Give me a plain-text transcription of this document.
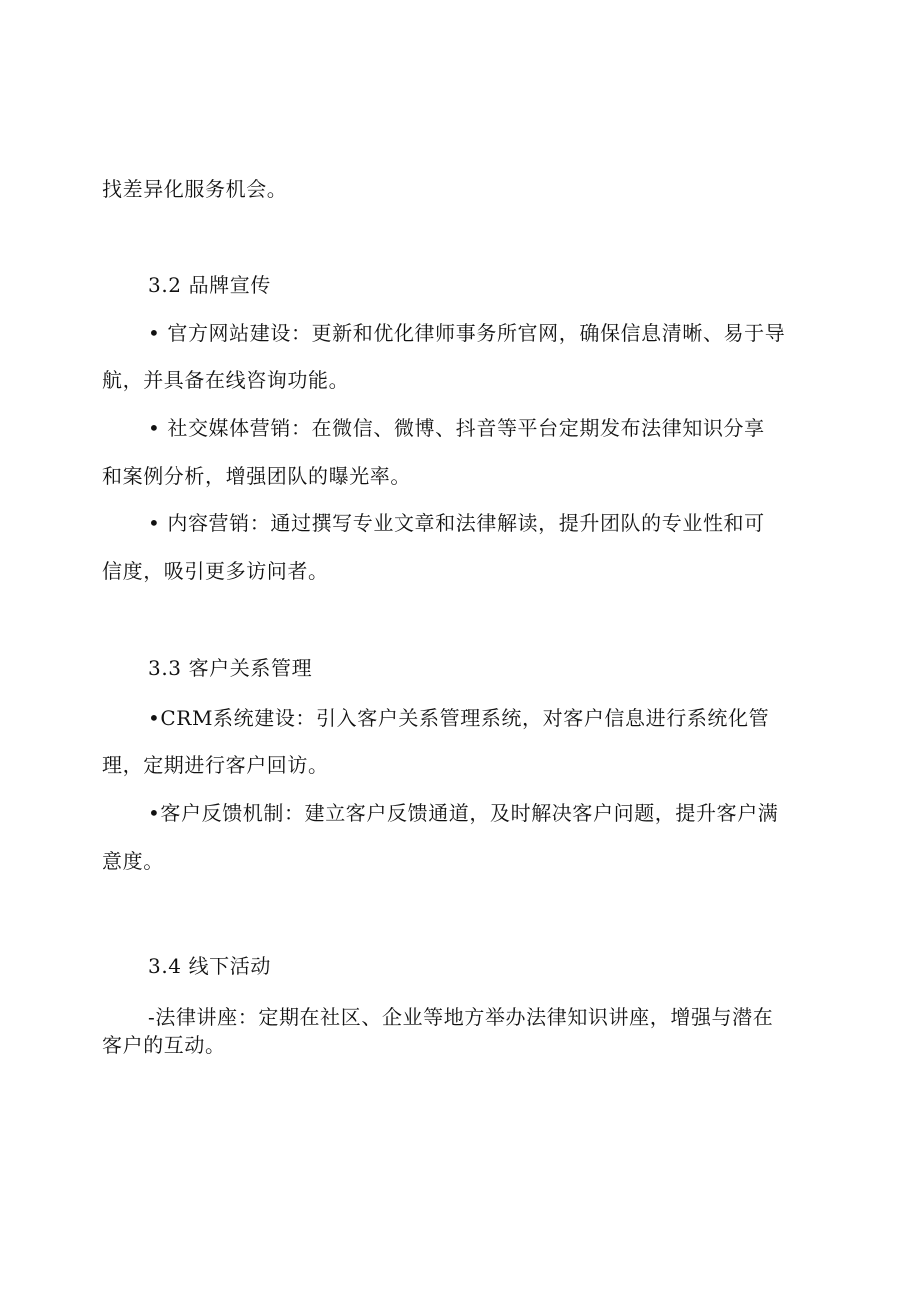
找差异化服务机会。
3.2 品牌宣传
• 官方网站建设：更新和优化律师事务所官网，确保信息清晰、易于导
航，并具备在线咨询功能。
• 社交媒体营销：在微信、微博、抖音等平台定期发布法律知识分享
和案例分析，增强团队的曝光率。
• 内容营销：通过撰写专业文章和法律解读，提升团队的专业性和可
信度，吸引更多访问者。
3.3 客户关系管理
•CRM系统建设：引入客户关系管理系统，对客户信息进行系统化管
理，定期进行客户回访。
•客户反馈机制：建立客户反馈通道，及时解决客户问题，提升客户满
意度。
3.4 线下活动
-法律讲座：定期在社区、企业等地方举办法律知识讲座，增强与潜在
客户的互动。
